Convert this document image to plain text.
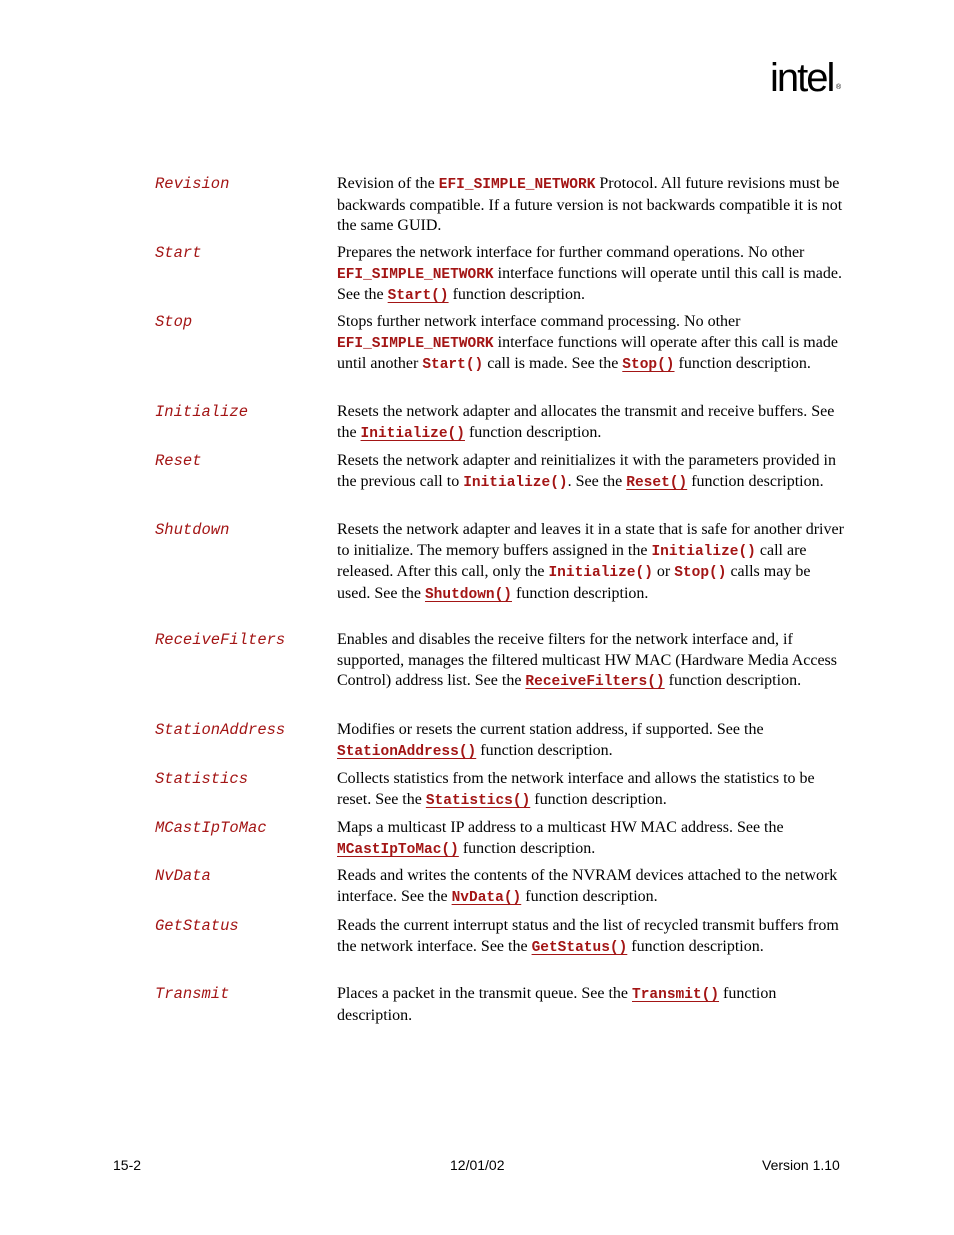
intel ®
Revision	Revision of the EFI_SIMPLE_NETWORK Protocol. All future revisions must be backwards compatible. If a future version is not backwards compatible it is not the same GUID.
Start	Prepares the network interface for further command operations. No other EFI_SIMPLE_NETWORK interface functions will operate until this call is made. See the Start() function description.
Stop	Stops further network interface command processing. No other EFI_SIMPLE_NETWORK interface functions will operate after this call is made until another Start() call is made. See the Stop() function description.
Initialize	Resets the network adapter and allocates the transmit and receive buffers. See the Initialize() function description.
Reset	Resets the network adapter and reinitializes it with the parameters provided in the previous call to Initialize(). See the Reset() function description.
Shutdown	Resets the network adapter and leaves it in a state that is safe for another driver to initialize. The memory buffers assigned in the Initialize() call are released. After this call, only the Initialize() or Stop() calls may be used. See the Shutdown() function description.
ReceiveFilters	Enables and disables the receive filters for the network interface and, if supported, manages the filtered multicast HW MAC (Hardware Media Access Control) address list. See the ReceiveFilters() function description.
StationAddress	Modifies or resets the current station address, if supported. See the StationAddress() function description.
Statistics	Collects statistics from the network interface and allows the statistics to be reset. See the Statistics() function description.
MCastIpToMac	Maps a multicast IP address to a multicast HW MAC address. See the MCastIpToMac() function description.
NvData	Reads and writes the contents of the NVRAM devices attached to the network interface. See the NvData() function description.
GetStatus	Reads the current interrupt status and the list of recycled transmit buffers from the network interface. See the GetStatus() function description.
Transmit	Places a packet in the transmit queue. See the Transmit() function description.
15-2	12/01/02	Version 1.10
